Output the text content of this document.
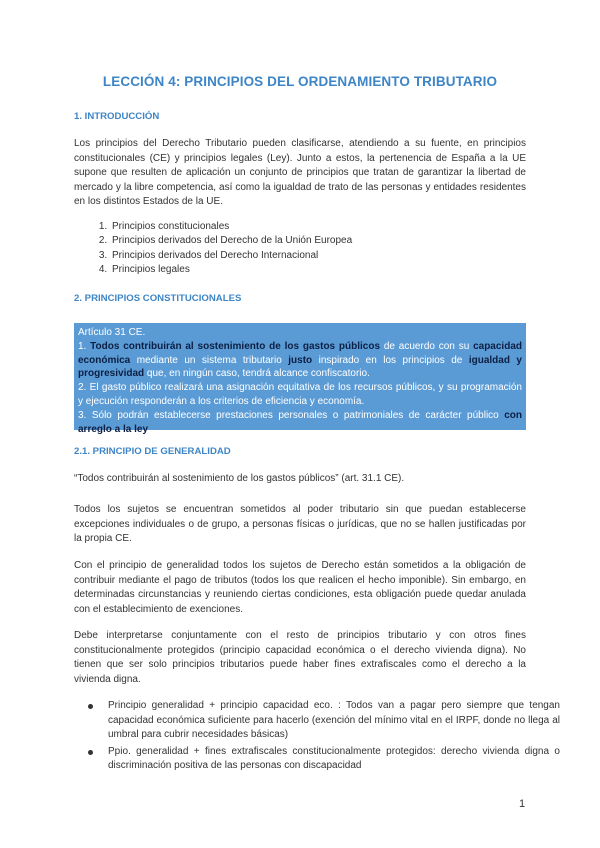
LECCIÓN 4: PRINCIPIOS DEL ORDENAMIENTO TRIBUTARIO
1. INTRODUCCIÓN

Los principios del Derecho Tributario pueden clasificarse, atendiendo a su fuente, en principios constitucionales (CE) y principios legales (Ley). Junto a estos, la pertenencia de España a la UE supone que resulten de aplicación un conjunto de principios que tratan de garantizar la libertad de mercado y la libre competencia, así como la igualdad de trato de las personas y entidades residentes en los distintos Estados de la UE.

1. Principios constitucionales
2. Principios derivados del Derecho de la Unión Europea
3. Principios derivados del Derecho Internacional
4. Principios legales
2. PRINCIPIOS CONSTITUCIONALES
Artículo 31 CE.
1. Todos contribuirán al sostenimiento de los gastos públicos de acuerdo con su capacidad económica mediante un sistema tributario justo inspirado en los principios de igualdad y progresividad que, en ningún caso, tendrá alcance confiscatorio.
2. El gasto público realizará una asignación equitativa de los recursos públicos, y su programación y ejecución responderán a los criterios de eficiencia y economía.
3. Sólo podrán establecerse prestaciones personales o patrimoniales de carácter público con arreglo a la ley.
2.1. PRINCIPIO DE GENERALIDAD

“Todos contribuirán al sostenimiento de los gastos públicos” (art. 31.1 CE).

Todos los sujetos se encuentran sometidos al poder tributario sin que puedan establecerse excepciones individuales o de grupo, a personas físicas o jurídicas, que no se hallen justificadas por la propia CE.

Con el principio de generalidad todos los sujetos de Derecho están sometidos a la obligación de contribuir mediante el pago de tributos (todos los que realicen el hecho imponible). Sin embargo, en determinadas circunstancias y reuniendo ciertas condiciones, esta obligación puede quedar anulada con el establecimiento de exenciones.

Debe interpretarse conjuntamente con el resto de principios tributario y con otros fines constitucionalmente protegidos (principio capacidad económica o el derecho vivienda digna). No tienen que ser solo principios tributarios puede haber fines extrafiscales como el derecho a la vivienda digna.

Principio generalidad + principio capacidad eco. : Todos van a pagar pero siempre que tengan capacidad económica suficiente para hacerlo (exención del mínimo vital en el IRPF, donde no llega al umbral para cubrir necesidades básicas)
Ppio. generalidad + fines extrafiscales constitucionalmente protegidos: derecho vivienda digna o discriminación positiva de las personas con discapacidad
1
